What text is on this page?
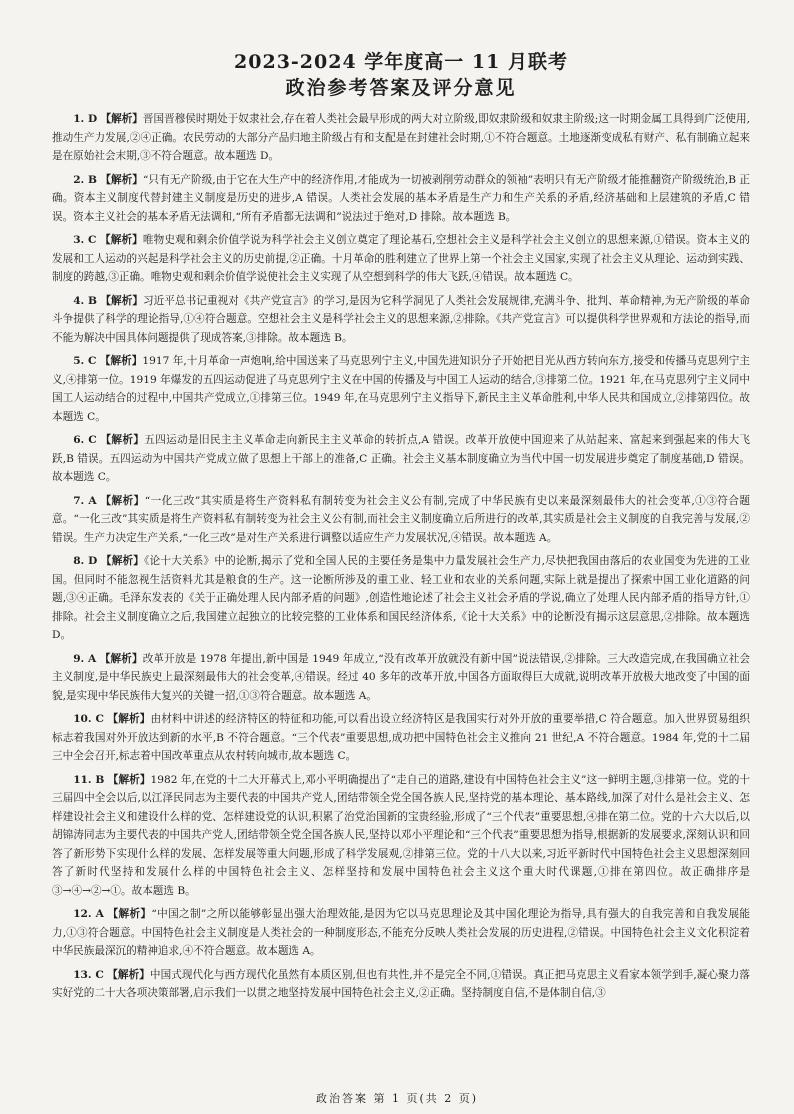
2023-2024 学年度高一 11 月联考
政治参考答案及评分意见

1. D 【解析】晋国晋穆侯时期处于奴隶社会,存在着人类社会最早形成的两大对立阶级,即奴隶阶级和奴隶主阶级;这一时期金属工具得到广泛使用,推动生产力发展,②④正确。农民劳动的大部分产品归地主阶级占有和支配是在封建社会时期,①不符合题意。土地逐渐变成私有财产、私有制确立起来是在原始社会末期,③不符合题意。故本题选 D。

2. B 【解析】“只有无产阶级,由于它在大生产中的经济作用,才能成为一切被剥削劳动群众的领袖”表明只有无产阶级才能推翻资产阶级统治,B 正确。资本主义制度代替封建主义制度是历史的进步,A 错误。人类社会发展的基本矛盾是生产力和生产关系的矛盾,经济基础和上层建筑的矛盾,C 错误。资本主义社会的基本矛盾无法调和,“所有矛盾都无法调和”说法过于绝对,D 排除。故本题选 B。

3. C 【解析】唯物史观和剩余价值学说为科学社会主义创立奠定了理论基石,空想社会主义是科学社会主义创立的思想来源,①错误。资本主义的发展和工人运动的兴起是科学社会主义的历史前提,②正确。十月革命的胜利建立了世界上第一个社会主义国家,实现了社会主义从理论、运动到实践、制度的跨越,③正确。唯物史观和剩余价值学说使社会主义实现了从空想到科学的伟大飞跃,④错误。故本题选 C。

4. B 【解析】习近平总书记重视对《共产党宣言》的学习,是因为它科学洞见了人类社会发展规律,充满斗争、批判、革命精神,为无产阶级的革命斗争提供了科学的理论指导,①④符合题意。空想社会主义是科学社会主义的思想来源,②排除。《共产党宣言》可以提供科学世界观和方法论的指导,而不能为解决中国具体问题提供了现成答案,③排除。故本题选 B。

5. C 【解析】1917 年,十月革命一声炮响,给中国送来了马克思列宁主义,中国先进知识分子开始把目光从西方转向东方,接受和传播马克思列宁主义,④排第一位。1919 年爆发的五四运动促进了马克思列宁主义在中国的传播及与中国工人运动的结合,③排第二位。1921 年,在马克思列宁主义同中国工人运动结合的过程中,中国共产党成立,①排第三位。1949 年,在马克思列宁主义指导下,新民主主义革命胜利,中华人民共和国成立,②排第四位。故本题选 C。

6. C 【解析】五四运动是旧民主主义革命走向新民主主义革命的转折点,A 错误。改革开放使中国迎来了从站起来、富起来到强起来的伟大飞跃,B 错误。五四运动为中国共产党成立做了思想上干部上的准备,C 正确。社会主义基本制度确立为当代中国一切发展进步奠定了制度基础,D 错误。故本题选 C。

7. A 【解析】“一化三改”其实质是将生产资料私有制转变为社会主义公有制,完成了中华民族有史以来最深刻最伟大的社会变革,①③符合题意。“一化三改”其实质是将生产资料私有制转变为社会主义公有制,而社会主义制度确立后所进行的改革,其实质是社会主义制度的自我完善与发展,②错误。生产力决定生产关系,“一化三改”是对生产关系进行调整以适应生产力发展状况,④错误。故本题选 A。

8. D 【解析】《论十大关系》中的论断,揭示了党和全国人民的主要任务是集中力量发展社会生产力,尽快把我国由落后的农业国变为先进的工业国。但同时不能忽视生活资料尤其是粮食的生产。这一论断所涉及的重工业、轻工业和农业的关系问题,实际上就是提出了探索中国工业化道路的问题,③④正确。毛泽东发表的《关于正确处理人民内部矛盾的问题》,创造性地论述了社会主义社会矛盾的学说,确立了处理人民内部矛盾的指导方针,①排除。社会主义制度确立之后,我国建立起独立的比较完整的工业体系和国民经济体系,《论十大关系》中的论断没有揭示这层意思,②排除。故本题选 D。

9. A 【解析】改革开放是 1978 年提出,新中国是 1949 年成立,“没有改革开放就没有新中国”说法错误,②排除。三大改造完成,在我国确立社会主义制度,是中华民族史上最深刻最伟大的社会变革,④错误。经过 40 多年的改革开放,中国各方面取得巨大成就,说明改革开放极大地改变了中国的面貌,是实现中华民族伟大复兴的关键一招,①③符合题意。故本题选 A。

10. C 【解析】由材料中讲述的经济特区的特征和功能,可以看出设立经济特区是我国实行对外开放的重要举措,C 符合题意。加入世界贸易组织标志着我国对外开放达到新的水平,B 不符合题意。“三个代表”重要思想,成功把中国特色社会主义推向 21 世纪,A 不符合题意。1984 年,党的十二届三中全会召开,标志着中国改革重点从农村转向城市,故本题选 C。

11. B 【解析】1982 年,在党的十二大开幕式上,邓小平明确提出了“走自己的道路,建设有中国特色社会主义”这一鲜明主题,③排第一位。党的十三届四中全会以后,以江泽民同志为主要代表的中国共产党人,团结带领全党全国各族人民,坚持党的基本理论、基本路线,加深了对什么是社会主义、怎样建设社会主义和建设什么样的党、怎样建设党的认识,积累了治党治国新的宝贵经验,形成了“三个代表”重要思想,④排在第二位。党的十六大以后,以胡锦涛同志为主要代表的中国共产党人,团结带领全党全国各族人民,坚持以邓小平理论和“三个代表”重要思想为指导,根据新的发展要求,深刻认识和回答了新形势下实现什么样的发展、怎样发展等重大问题,形成了科学发展观,②排第三位。党的十八大以来,习近平新时代中国特色社会主义思想深刻回答了新时代坚持和发展什么样的中国特色社会主义、怎样坚持和发展中国特色社会主义这个重大时代课题,①排在第四位。故正确排序是③→④→②→①。故本题选 B。

12. A 【解析】“中国之制”之所以能够彰显出强大治理效能,是因为它以马克思理论及其中国化理论为指导,具有强大的自我完善和自我发展能力,①③符合题意。中国特色社会主义制度是人类社会的一种制度形态,不能充分反映人类社会发展的历史进程,②错误。中国特色社会主义文化积淀着中华民族最深沉的精神追求,④不符合题意。故本题选 A。

13. C 【解析】中国式现代化与西方现代化虽然有本质区别,但也有共性,并不是完全不同,①错误。真正把马克思主义看家本领学到手,凝心聚力落实好党的二十大各项决策部署,启示我们一以贯之地坚持发展中国特色社会主义,②正确。坚持制度自信,不是体制自信,③

政治答案 第 1 页(共 2 页)
